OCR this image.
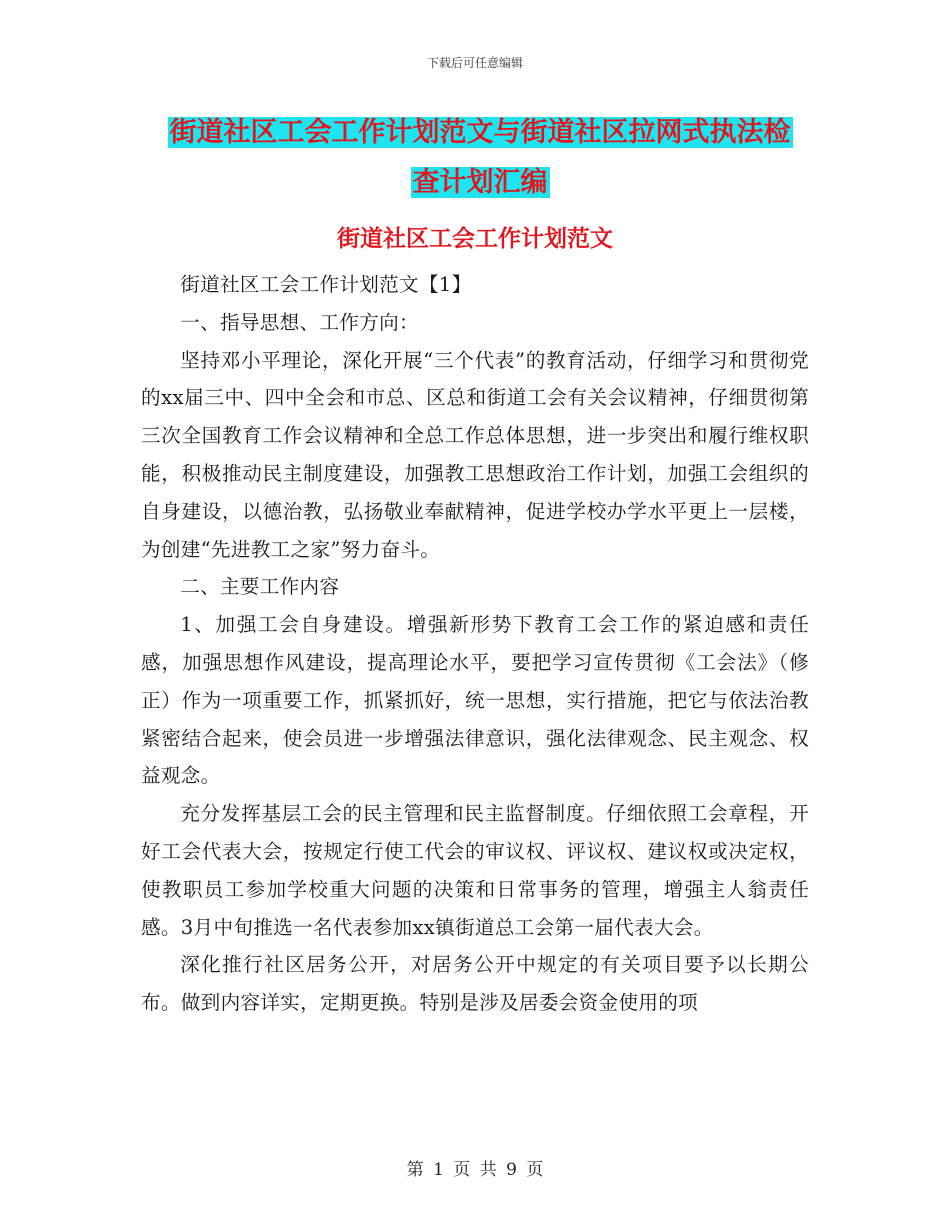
下载后可任意编辑
街道社区工会工作计划范文与街道社区拉网式执法检
查计划汇编
街道社区工会工作计划范文

街道社区工会工作计划范文【1】

一、指导思想、工作方向：

坚持邓小平理论，深化开展“三个代表”的教育活动，仔细学习和贯彻党的xx届三中、四中全会和市总、区总和街道工会有关会议精神，仔细贯彻第三次全国教育工作会议精神和全总工作总体思想，进一步突出和履行维权职能，积极推动民主制度建设，加强教工思想政治工作计划，加强工会组织的自身建设，以德治教，弘扬敬业奉献精神，促进学校办学水平更上一层楼，为创建“先进教工之家”努力奋斗。

二、主要工作内容

1、加强工会自身建设。增强新形势下教育工会工作的紧迫感和责任感，加强思想作风建设，提高理论水平，要把学习宣传贯彻《工会法》（修正）作为一项重要工作，抓紧抓好，统一思想，实行措施，把它与依法治教紧密结合起来，使会员进一步增强法律意识，强化法律观念、民主观念、权益观念。

充分发挥基层工会的民主管理和民主监督制度。仔细依照工会章程，开好工会代表大会，按规定行使工代会的审议权、评议权、建议权或决定权，使教职员工参加学校重大问题的决策和日常事务的管理，增强主人翁责任感。3月中旬推选一名代表参加xx镇街道总工会第一届代表大会。

深化推行社区居务公开，对居务公开中规定的有关项目要予以长期公布。做到内容详实，定期更换。特别是涉及居委会资金使用的项

第 1 页 共 9 页
